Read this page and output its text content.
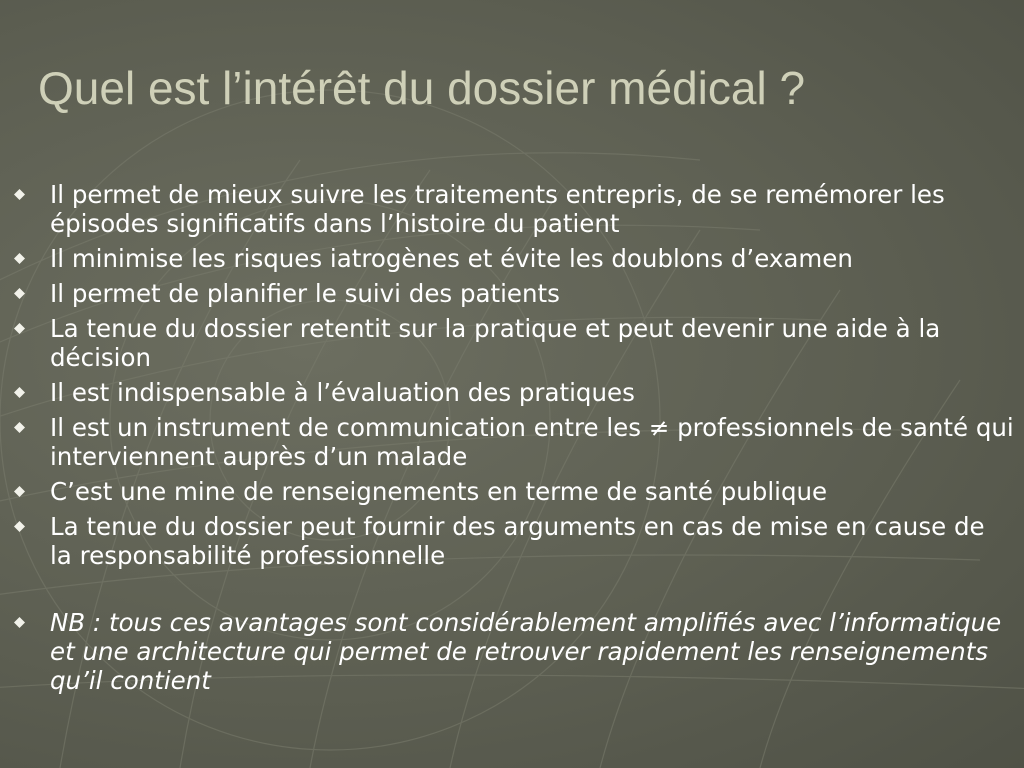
Quel est l’intérêt du dossier médical ?
Il permet de mieux suivre les traitements entrepris, de se remémorer les épisodes significatifs dans l’histoire du patient
Il minimise les risques iatrogènes et évite les doublons d’examen
Il permet de planifier le suivi des patients
La tenue du dossier retentit sur la pratique et peut devenir une aide à la décision
Il est indispensable à l’évaluation des pratiques
Il est un instrument de communication entre les ≠ professionnels de santé qui interviennent auprès d’un malade
C’est une mine de renseignements en terme de santé publique
La tenue du dossier peut fournir des arguments en cas de mise en cause de la responsabilité professionnelle
NB : tous ces avantages sont considérablement amplifiés avec l’informatique et une architecture qui permet de retrouver rapidement les renseignements qu’il contient
